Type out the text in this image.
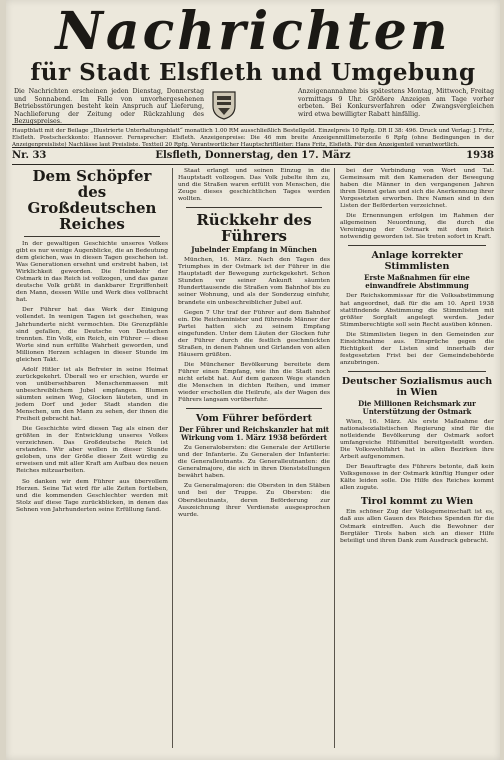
Nachrichten
für Stadt Elsfleth und Umgebung
Die Nachrichten erscheinen jeden Dienstag, Donnerstag und Sonnabend. Im Falle von unvorhergesehenen Betriebsstörungen besteht kein Anspruch auf Lieferung, Nachlieferung der Zeitung oder Rückzahlung des Bezugspreises.
Anzeigenannahme bis spätestens Montag, Mittwoch, Freitag vormittags 9 Uhr. Größere Anzeigen am Tage vorher erbeten. Bei Konkursverfahren oder Zwangsvergleichen wird etwa bewilligter Rabatt hinfällig.
Hauptblatt mit der Beilage „Illustrierte Unterhaltungsblatt“ monatlich 1.00 RM ausschließlich Bestellgeld. Einzelpreis 10 Rpfg. DR II 38: 496. Druck und Verlag: J. Fritz, Elsfleth. Postscheckkonto: Hannover. Fernsprecher: Elsfleth. Anzeigenpreise: Die 46 mm breite Anzeigenmillimeterzeile 6 Rpfg (ohne Bedingungen in der Anzeigenpreisliste) Nachlässe laut Preisliste. Textteil 20 Rpfg. Verantwortlicher Hauptschriftleiter: Hans Fritz, Elsfleth. Für den Anzeigenteil verantwortlich.
Nr. 33	Elsfleth, Donnerstag, den 17. März	1938
Dem Schöpfer des Großdeutschen Reiches

In der gewaltigen Geschichte unseres Volkes gibt es nur wenige Augenblicke, die an Bedeutung dem gleichen, was in diesen Tagen geschehen ist. Was Generationen ersehnt und erstrebt haben, ist Wirklichkeit geworden. Die Heimkehr der Ostmark in das Reich ist vollzogen, und das ganze deutsche Volk grüßt in dankbarer Ergriffenheit den Mann, dessen Wille und Werk dies vollbracht hat.

Der Führer hat das Werk der Einigung vollendet. In wenigen Tagen ist geschehen, was Jahrhunderte nicht vermochten. Die Grenzpfähle sind gefallen, die Deutsche von Deutschen trennten. Ein Volk, ein Reich, ein Führer — diese Worte sind nun erfüllte Wahrheit geworden, und Millionen Herzen schlagen in dieser Stunde im gleichen Takt.

Adolf Hitler ist als Befreier in seine Heimat zurückgekehrt. Überall wo er erschien, wurde er von unübersehbaren Menschenmassen mit unbeschreiblichem Jubel empfangen. Blumen säumten seinen Weg, Glocken läuteten, und in jedem Dorf und jeder Stadt standen die Menschen, um den Mann zu sehen, der ihnen die Freiheit gebracht hat.

Die Geschichte wird diesen Tag als einen der größten in der Entwicklung unseres Volkes verzeichnen. Das Großdeutsche Reich ist erstanden. Wir aber wollen in dieser Stunde geloben, uns der Größe dieser Zeit würdig zu erweisen und mit aller Kraft am Aufbau des neuen Reiches mitzuarbeiten.

So danken wir dem Führer aus übervollem Herzen. Seine Tat wird für alle Zeiten fortleben, und die kommenden Geschlechter werden mit Stolz auf diese Tage zurückblicken, in denen das Sehnen von Jahrhunderten seine Erfüllung fand.

Staat erlangt und seinen Einzug in die Hauptstadt vollzogen. Das Volk jubelte ihm zu, und die Straßen waren erfüllt von Menschen, die Zeuge dieses geschichtlichen Tages werden wollten.

Rückkehr des Führers
Jubelnder Empfang in München

München, 16. März. Nach den Tagen des Triumphes in der Ostmark ist der Führer in die Hauptstadt der Bewegung zurückgekehrt. Schon Stunden vor seiner Ankunft säumten Hunderttausende die Straßen vom Bahnhof bis zu seiner Wohnung, und als der Sonderzug einfuhr, brandete ein unbeschreiblicher Jubel auf.

Gegen 7 Uhr traf der Führer auf dem Bahnhof ein. Die Reichsminister und führende Männer der Partei hatten sich zu seinem Empfang eingefunden. Unter dem Läuten der Glocken fuhr der Führer durch die festlich geschmückten Straßen, in denen Fahnen und Girlanden von allen Häusern grüßten.

Die Münchener Bevölkerung bereitete dem Führer einen Empfang, wie ihn die Stadt noch nicht erlebt hat. Auf dem ganzen Wege standen die Menschen in dichten Reihen, und immer wieder erschollen die Heilrufe, als der Wagen des Führers langsam vorüberfuhr.

Vom Führer befördert
Der Führer und Reichskanzler hat mit Wirkung vom 1. März 1938 befördert

Zu Generalobersten: die Generale der Artillerie und der Infanterie. Zu Generalen der Infanterie: die Generalleutnants. Zu Generalleutnanten: die Generalmajore, die sich in ihren Dienststellungen bewährt haben.

Zu Generalmajoren: die Obersten in den Stäben und bei der Truppe. Zu Obersten: die Oberstleutnants, deren Beförderung zur Auszeichnung ihrer Verdienste ausgesprochen wurde.

bei der Verbindung von Wort und Tat. Gemeinsam mit den Kameraden der Bewegung haben die Männer in den vergangenen Jahren ihren Dienst getan und sich die Anerkennung ihrer Vorgesetzten erworben. Ihre Namen sind in den Listen der Beförderten verzeichnet.

Die Ernennungen erfolgen im Rahmen der allgemeinen Neuordnung, die durch die Vereinigung der Ostmark mit dem Reich notwendig geworden ist. Sie treten sofort in Kraft.

Anlage korrekter Stimmlisten
Erste Maßnahmen für eine einwandfreie Abstimmung

Der Reichskommissar für die Volksabstimmung hat angeordnet, daß für die am 10. April 1938 stattfindende Abstimmung die Stimmlisten mit größter Sorgfalt angelegt werden. Jeder Stimmberechtigte soll sein Recht ausüben können.

Die Stimmlisten liegen in den Gemeinden zur Einsichtnahme aus. Einsprüche gegen die Richtigkeit der Listen sind innerhalb der festgesetzten Frist bei der Gemeindebehörde anzubringen.

Deutscher Sozialismus auch in Wien
Die Millionen Reichsmark zur Unterstützung der Ostmark

Wien, 16. März. Als erste Maßnahme der nationalsozialistischen Regierung sind für die notleidende Bevölkerung der Ostmark sofort umfangreiche Hilfsmittel bereitgestellt worden. Die Volkswohlfahrt hat in allen Bezirken ihre Arbeit aufgenommen.

Der Beauftragte des Führers betonte, daß kein Volksgenosse in der Ostmark künftig Hunger oder Kälte leiden solle. Die Hilfe des Reiches kommt allen zugute.

Tirol kommt zu Wien

Ein schöner Zug der Volksgemeinschaft ist es, daß aus allen Gauen des Reiches Spenden für die Ostmark eintreffen. Auch die Bewohner der Bergtäler Tirols haben sich an dieser Hilfe beteiligt und ihren Dank zum Ausdruck gebracht.
